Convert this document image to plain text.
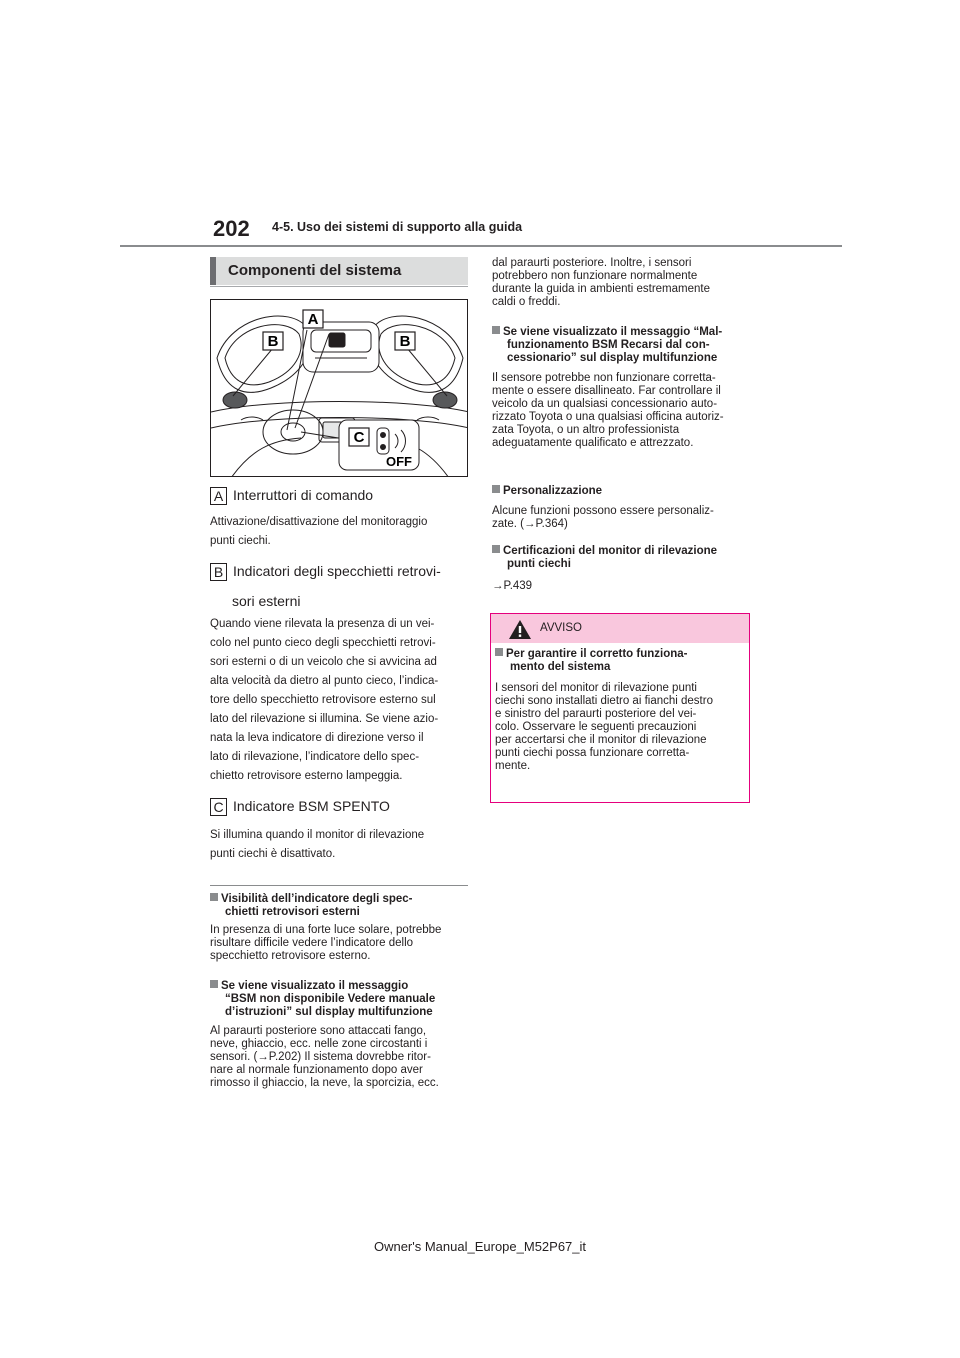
202 4-5. Uso dei sistemi di supporto alla guida
Componenti del sistema
B
A
B
C
OFF
A Interruttori di comando
Attivazione/disattivazione del monitoraggio
punti ciechi.
B Indicatori degli specchietti retrovi-
sori esterni
Quando viene rilevata la presenza di un vei-
colo nel punto cieco degli specchietti retrovi-
sori esterni o di un veicolo che si avvicina ad
alta velocità da dietro al punto cieco, l’indica-
tore dello specchietto retrovisore esterno sul
lato del rilevazione si illumina. Se viene azio-
nata la leva indicatore di direzione verso il
lato di rilevazione, l’indicatore dello spec-
chietto retrovisore esterno lampeggia.
C Indicatore BSM SPENTO
Si illumina quando il monitor di rilevazione
punti ciechi è disattivato.
Visibilità dell’indicatore degli spec-
chietti retrovisori esterni
In presenza di una forte luce solare, potrebbe
risultare difficile vedere l’indicatore dello
specchietto retrovisore esterno.
Se viene visualizzato il messaggio
“BSM non disponibile Vedere manuale
d’istruzioni” sul display multifunzione
Al paraurti posteriore sono attaccati fango,
neve, ghiaccio, ecc. nelle zone circostanti i
sensori. (→P.202) Il sistema dovrebbe ritor-
nare al normale funzionamento dopo aver
rimosso il ghiaccio, la neve, la sporcizia, ecc.
dal paraurti posteriore. Inoltre, i sensori
potrebbero non funzionare normalmente
durante la guida in ambienti estremamente
caldi o freddi.
Se viene visualizzato il messaggio “Mal-
funzionamento BSM Recarsi dal con-
cessionario” sul display multifunzione
Il sensore potrebbe non funzionare corretta-
mente o essere disallineato. Far controllare il
veicolo da un qualsiasi concessionario auto-
rizzato Toyota o una qualsiasi officina autoriz-
zata Toyota, o un altro professionista
adeguatamente qualificato e attrezzato.
Personalizzazione
Alcune funzioni possono essere personaliz-
zate. (→P.364)
Certificazioni del monitor di rilevazione
punti ciechi
→P.439
AVVISO
Per garantire il corretto funziona-
mento del sistema
I sensori del monitor di rilevazione punti
ciechi sono installati dietro ai fianchi destro
e sinistro del paraurti posteriore del vei-
colo. Osservare le seguenti precauzioni
per accertarsi che il monitor di rilevazione
punti ciechi possa funzionare corretta-
mente.
Owner's Manual_Europe_M52P67_it
